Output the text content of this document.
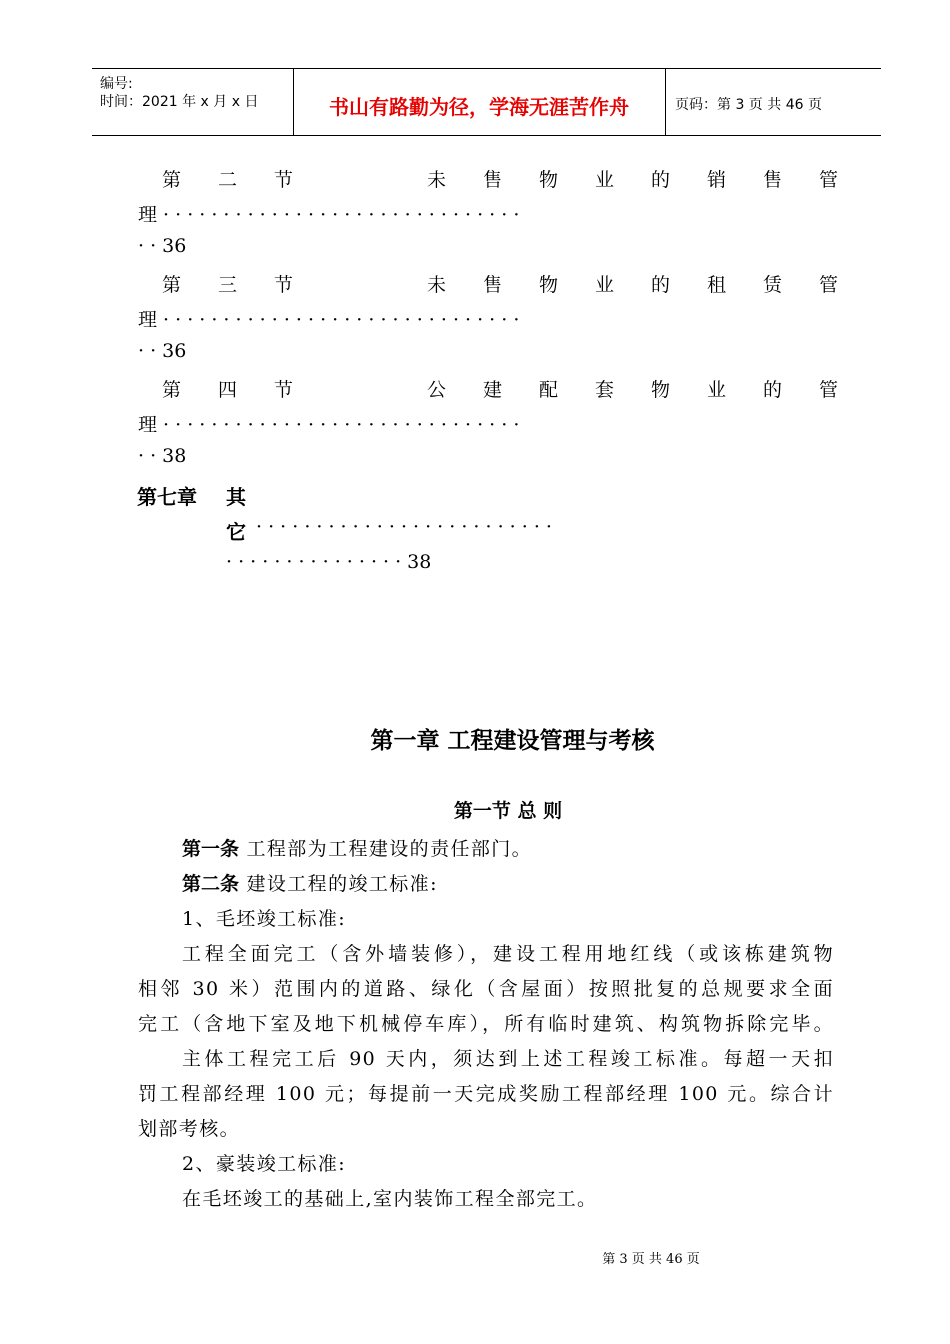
编号:
时间：2021 年 x 月 x 日	书山有路勤为径，学海无涯苦作舟	页码：第 3 页 共 46 页
第 二 节	未 售 物 业 的 销 售 管
理 · · · · · · · · · · · · · · · · · · · · · · · · · · · · · ·
· · 36
第 三 节	未 售 物 业 的 租 赁 管
理 · · · · · · · · · · · · · · · · · · · · · · · · · · · · · ·
· · 36
第 四 节	公 建 配 套 物 业 的 管
理 · · · · · · · · · · · · · · · · · · · · · · · · · · · · · ·
· · 38
第七章 其
它 · · · · · · · · · · · · · · · · · · · · · · · · ·
· · · · · · · · · · · · · · · 38
第一章 工程建设管理与考核
第一节 总 则
第一条 工程部为工程建设的责任部门。
第二条 建设工程的竣工标准:
1、毛坯竣工标准:
工程全面完工（含外墙装修），建设工程用地红线（或该栋建筑物
相邻 30 米）范围内的道路、绿化（含屋面）按照批复的总规要求全面
完工（含地下室及地下机械停车库），所有临时建筑、构筑物拆除完毕。
主体工程完工后 90 天内，须达到上述工程竣工标准。每超一天扣
罚工程部经理 100 元；每提前一天完成奖励工程部经理 100 元。综合计
划部考核。
2、豪装竣工标准:
在毛坯竣工的基础上,室内装饰工程全部完工。
第 3 页 共 46 页
